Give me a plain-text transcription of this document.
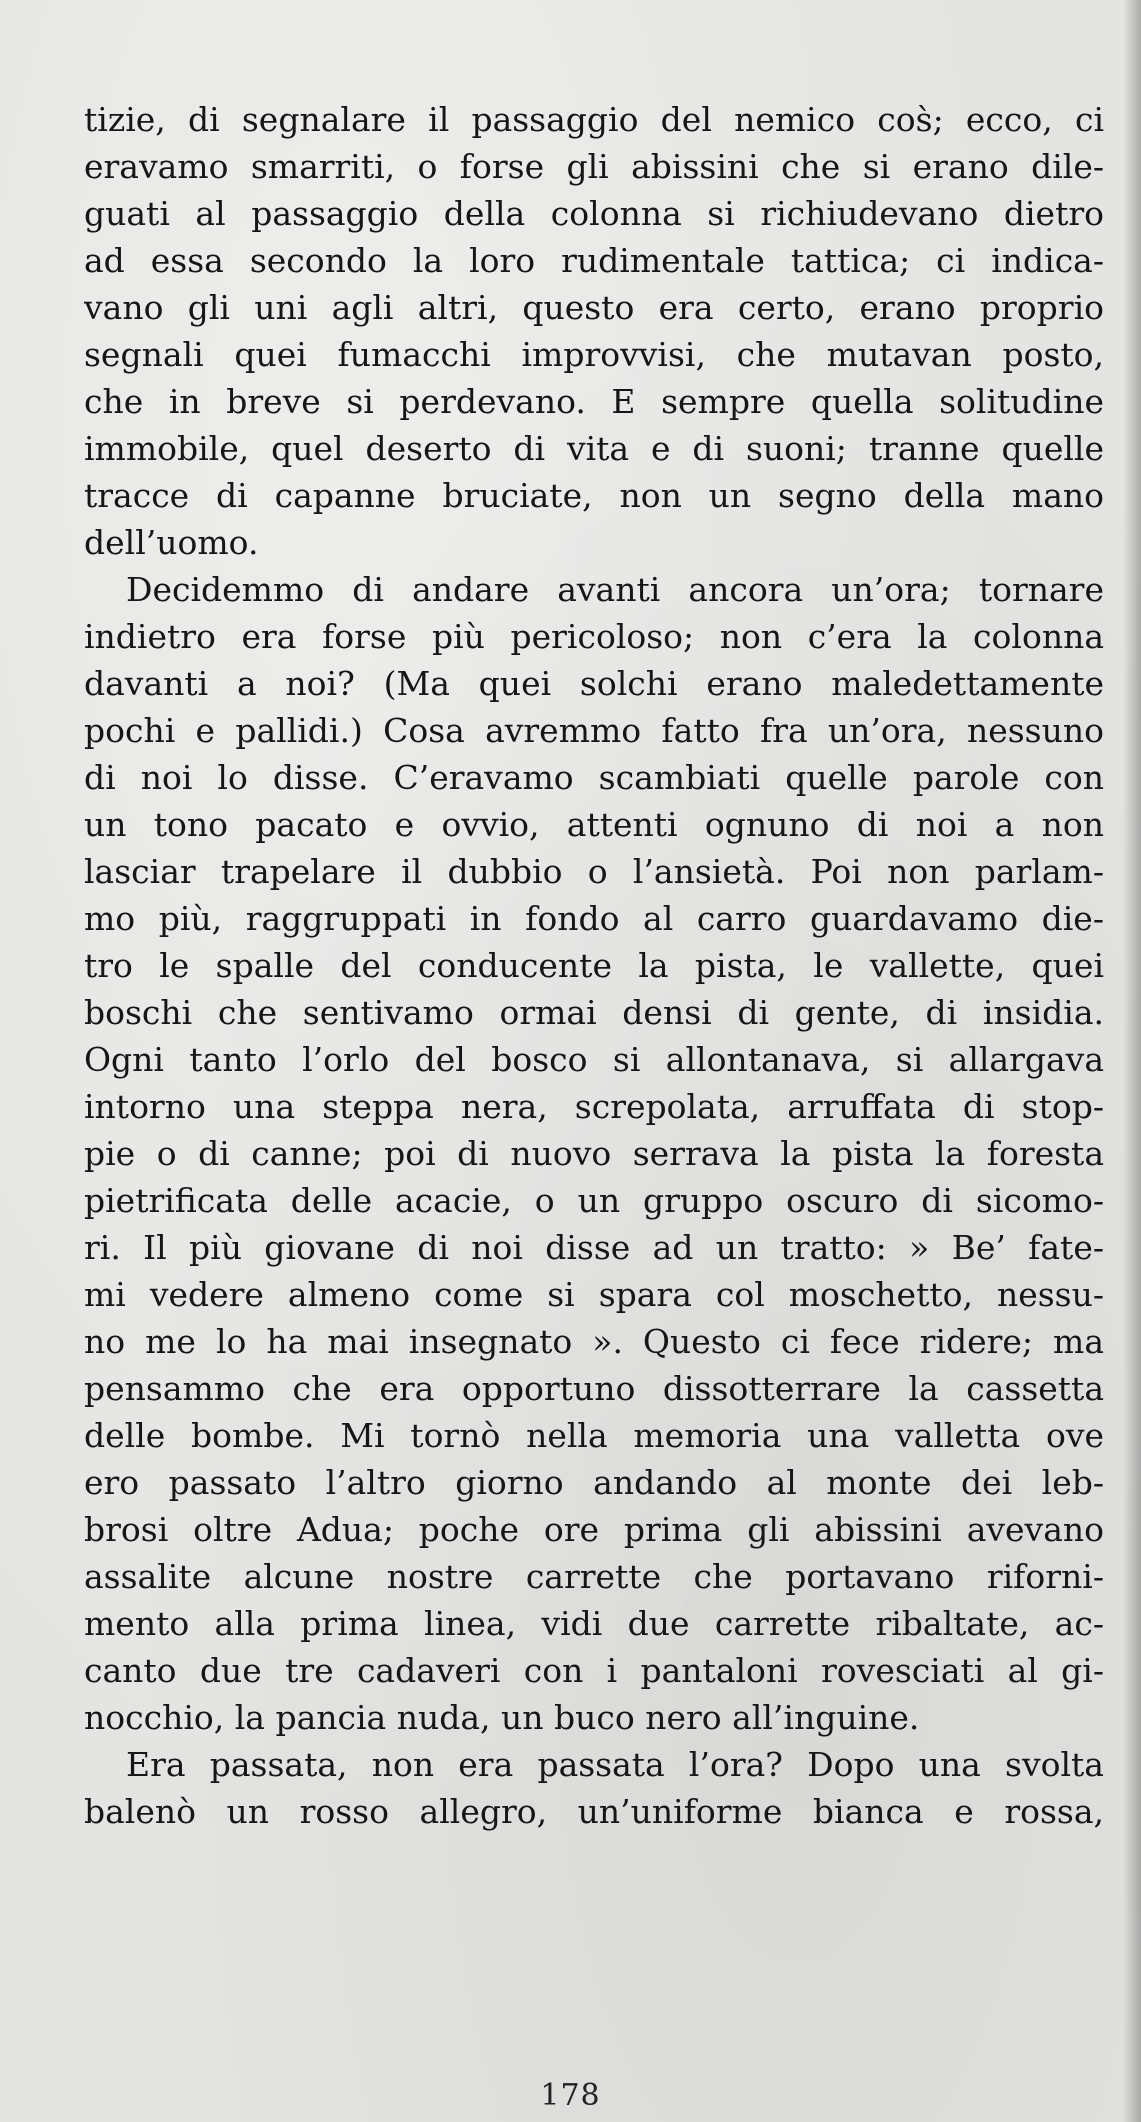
tizie, di segnalare il passaggio del nemico cos̀; ecco, ci
eravamo smarriti, o forse gli abissini che si erano dile-
guati al passaggio della colonna si richiudevano dietro
ad essa secondo la loro rudimentale tattica; ci indica-
vano gli uni agli altri, questo era certo, erano proprio
segnali quei fumacchi improvvisi, che mutavan posto,
che in breve si perdevano. E sempre quella solitudine
immobile, quel deserto di vita e di suoni; tranne quelle
tracce di capanne bruciate, non un segno della mano
dell’uomo.

Decidemmo di andare avanti ancora un’ora; tornare
indietro era forse più pericoloso; non c’era la colonna
davanti a noi? (Ma quei solchi erano maledettamente
pochi e pallidi.) Cosa avremmo fatto fra un’ora, nessuno
di noi lo disse. C’eravamo scambiati quelle parole con
un tono pacato e ovvio, attenti ognuno di noi a non
lasciar trapelare il dubbio o l’ansietà. Poi non parlam-
mo più, raggruppati in fondo al carro guardavamo die-
tro le spalle del conducente la pista, le vallette, quei
boschi che sentivamo ormai densi di gente, di insidia.
Ogni tanto l’orlo del bosco si allontanava, si allargava
intorno una steppa nera, screpolata, arruffata di stop-
pie o di canne; poi di nuovo serrava la pista la foresta
pietrificata delle acacie, o un gruppo oscuro di sicomo-
ri. Il più giovane di noi disse ad un tratto: » Be’ fate-
mi vedere almeno come si spara col moschetto, nessu-
no me lo ha mai insegnato ». Questo ci fece ridere; ma
pensammo che era opportuno dissotterrare la cassetta
delle bombe. Mi tornò nella memoria una valletta ove
ero passato l’altro giorno andando al monte dei leb-
brosi oltre Adua; poche ore prima gli abissini avevano
assalite alcune nostre carrette che portavano riforni-
mento alla prima linea, vidi due carrette ribaltate, ac-
canto due tre cadaveri con i pantaloni rovesciati al gi-
nocchio, la pancia nuda, un buco nero all’inguine.

Era passata, non era passata l’ora? Dopo una svolta
balenò un rosso allegro, un’uniforme bianca e rossa,

178
